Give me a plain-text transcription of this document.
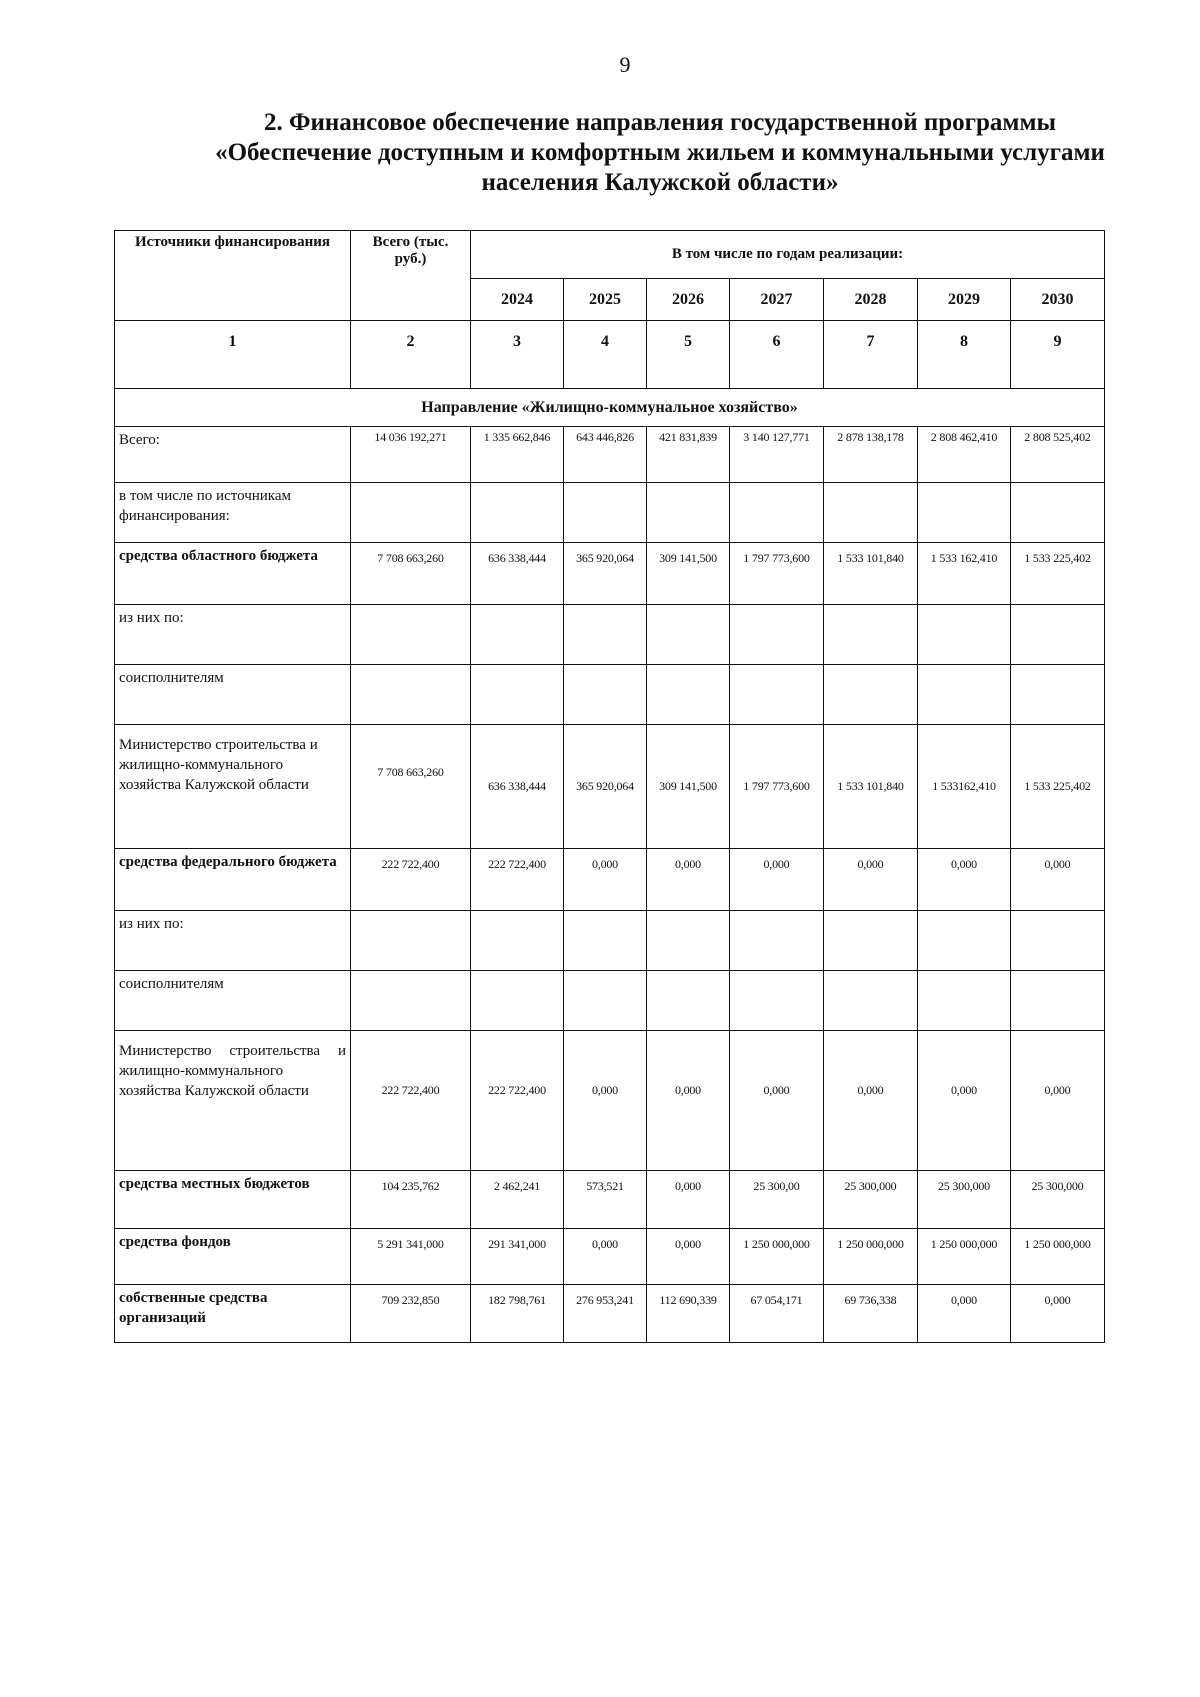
9
2. Финансовое обеспечение направления государственной программы
«Обеспечение доступным и комфортным жильем и коммунальными услугами
населения Калужской области»
Источники финансирования	Всего (тыс. руб.)	В том числе по годам реализации:						
		2024	2025	2026	2027	2028	2029	2030
1	2	3	4	5	6	7	8	9
Направление «Жилищно-коммунальное хозяйство»								
Всего:	14 036 192,271	1 335 662,846	643 446,826	421 831,839	3 140 127,771	2 878 138,178	2 808 462,410	2 808 525,402
в том числе по источникам финансирования:								
средства областного бюджета	7 708 663,260	636 338,444	365 920,064	309 141,500	1 797 773,600	1 533 101,840	1 533 162,410	1 533 225,402
из них по:								
соисполнителям								
Министерство строительства и жилищно-коммунального хозяйства Калужской области	7 708 663,260	636 338,444	365 920,064	309 141,500	1 797 773,600	1 533 101,840	1 533162,410	1 533 225,402
средства федерального бюджета	222 722,400	222 722,400	0,000	0,000	0,000	0,000	0,000	0,000
из них по:								
соисполнителям								
Министерство строительства и жилищно-коммунального хозяйства Калужской области	222 722,400	222 722,400	0,000	0,000	0,000	0,000	0,000	0,000
средства местных бюджетов	104 235,762	2 462,241	573,521	0,000	25 300,00	25 300,000	25 300,000	25 300,000
средства фондов	5 291 341,000	291 341,000	0,000	0,000	1 250 000,000	1 250 000,000	1 250 000,000	1 250 000,000
собственные средства организаций	709 232,850	182 798,761	276 953,241	112 690,339	67 054,171	69 736,338	0,000	0,000
